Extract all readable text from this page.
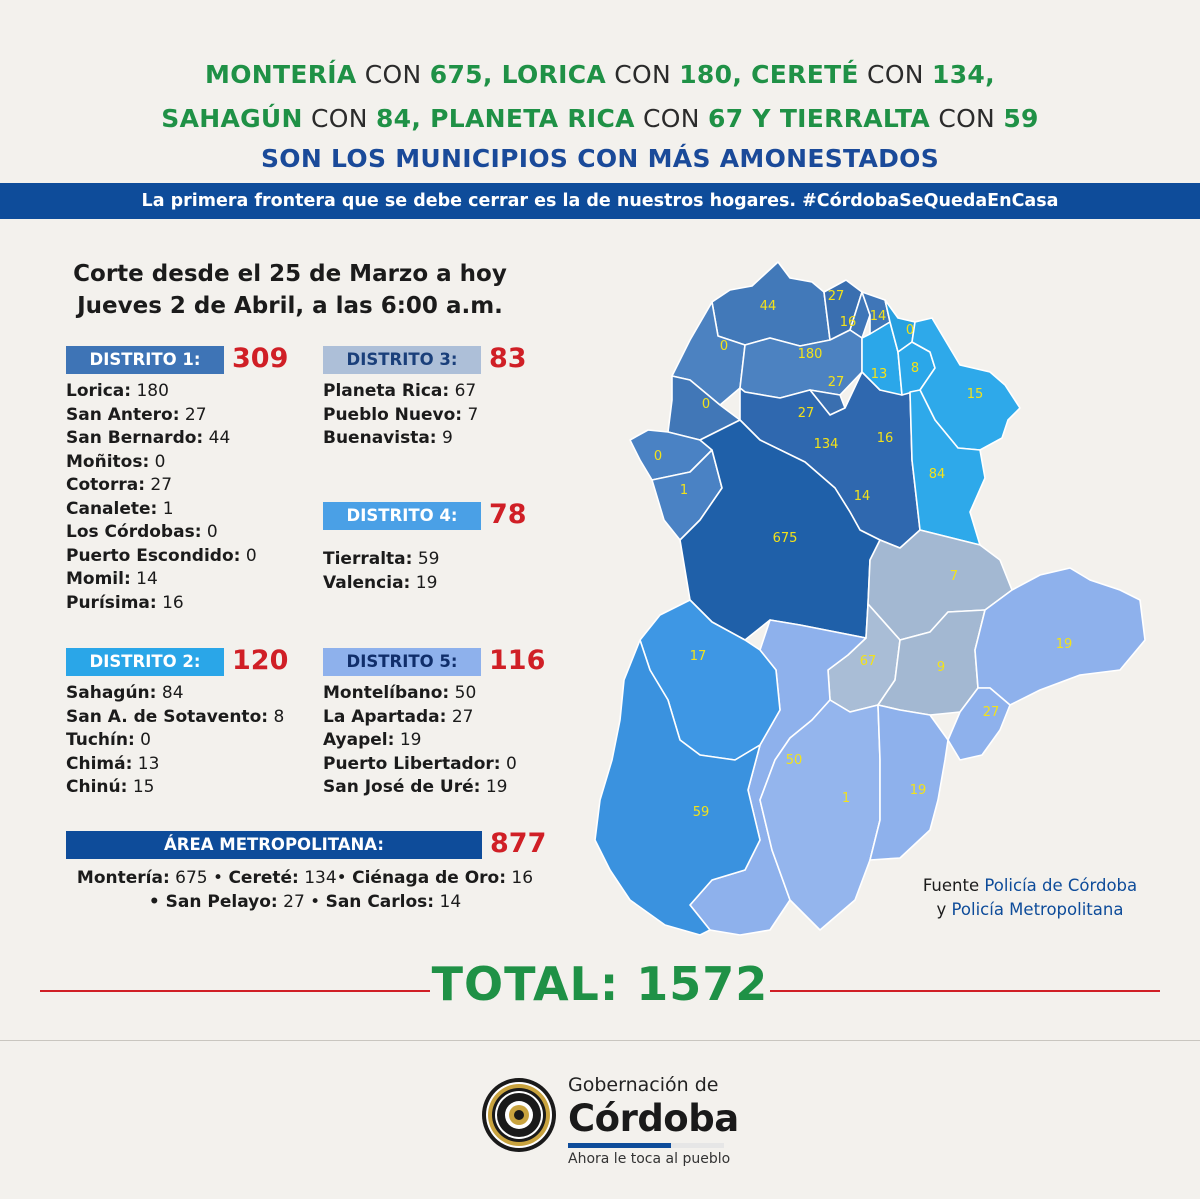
MONTERÍA CON 675, LORICA CON 180, CERETÉ CON 134,
SAHAGÚN CON 84, PLANETA RICA CON 67 Y TIERRALTA CON 59
SON LOS MUNICIPIOS CON MÁS AMONESTADOS
La primera frontera que se debe cerrar es la de nuestros hogares. #CórdobaSeQuedaEnCasa
Corte desde el 25 de Marzo a hoy
Jueves 2 de Abril, a las 6:00 a.m.
DISTRITO 1:	309
Lorica: 180
San Antero: 27
San Bernardo: 44
Moñitos: 0
Cotorra: 27
Canalete: 1
Los Córdobas: 0
Puerto Escondido: 0
Momil: 14
Purísima: 16
DISTRITO 2:	120
Sahagún: 84
San A. de Sotavento: 8
Tuchín: 0
Chimá: 13
Chinú: 15
DISTRITO 3:	83
Planeta Rica: 67
Pueblo Nuevo: 7
Buenavista: 9
DISTRITO 4:	78
Tierralta: 59
Valencia: 19
DISTRITO 5:	116
Montelíbano: 50
La Apartada: 27
Ayapel: 19
Puerto Libertador: 0
San José de Uré: 19
ÁREA METROPOLITANA:	877
Montería: 675 • Cereté: 134• Ciénaga de Oro: 16
• San Pelayo: 27 • San Carlos: 14
44
27
16 14
0
0
180
27
13 8
15
0
27
134	16
0
1	14
84
675
7
17	67	9
19
27
50
1
19
59
Fuente Policía de Córdoba
y Policía Metropolitana
TOTAL: 1572
Gobernación de
Córdoba
Ahora le toca al pueblo
